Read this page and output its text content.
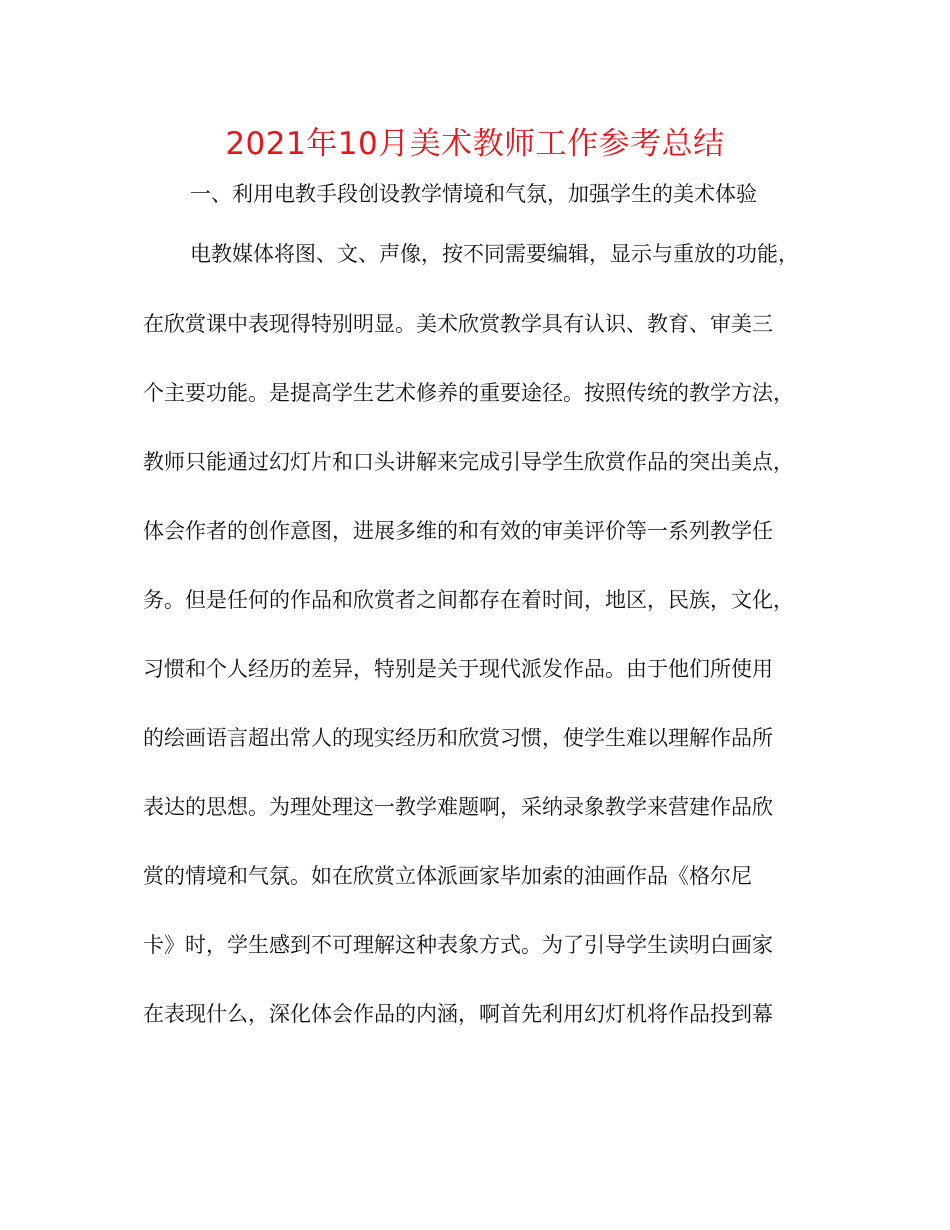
2021年10月美术教师工作参考总结
一、利用电教手段创设教学情境和气氛，加强学生的美术体验
电教媒体将图、文、声像，按不同需要编辑，显示与重放的功能，
在欣赏课中表现得特别明显。美术欣赏教学具有认识、教育、审美三
个主要功能。是提高学生艺术修养的重要途径。按照传统的教学方法，
教师只能通过幻灯片和口头讲解来完成引导学生欣赏作品的突出美点，
体会作者的创作意图，进展多维的和有效的审美评价等一系列教学任
务。但是任何的作品和欣赏者之间都存在着时间，地区，民族，文化，
习惯和个人经历的差异，特别是关于现代派发作品。由于他们所使用
的绘画语言超出常人的现实经历和欣赏习惯，使学生难以理解作品所
表达的思想。为理处理这一教学难题啊，采纳录象教学来营建作品欣
赏的情境和气氛。如在欣赏立体派画家毕加索的油画作品《格尔尼
卡》时，学生感到不可理解这种表象方式。为了引导学生读明白画家
在表现什么，深化体会作品的内涵，啊首先利用幻灯机将作品投到幕
